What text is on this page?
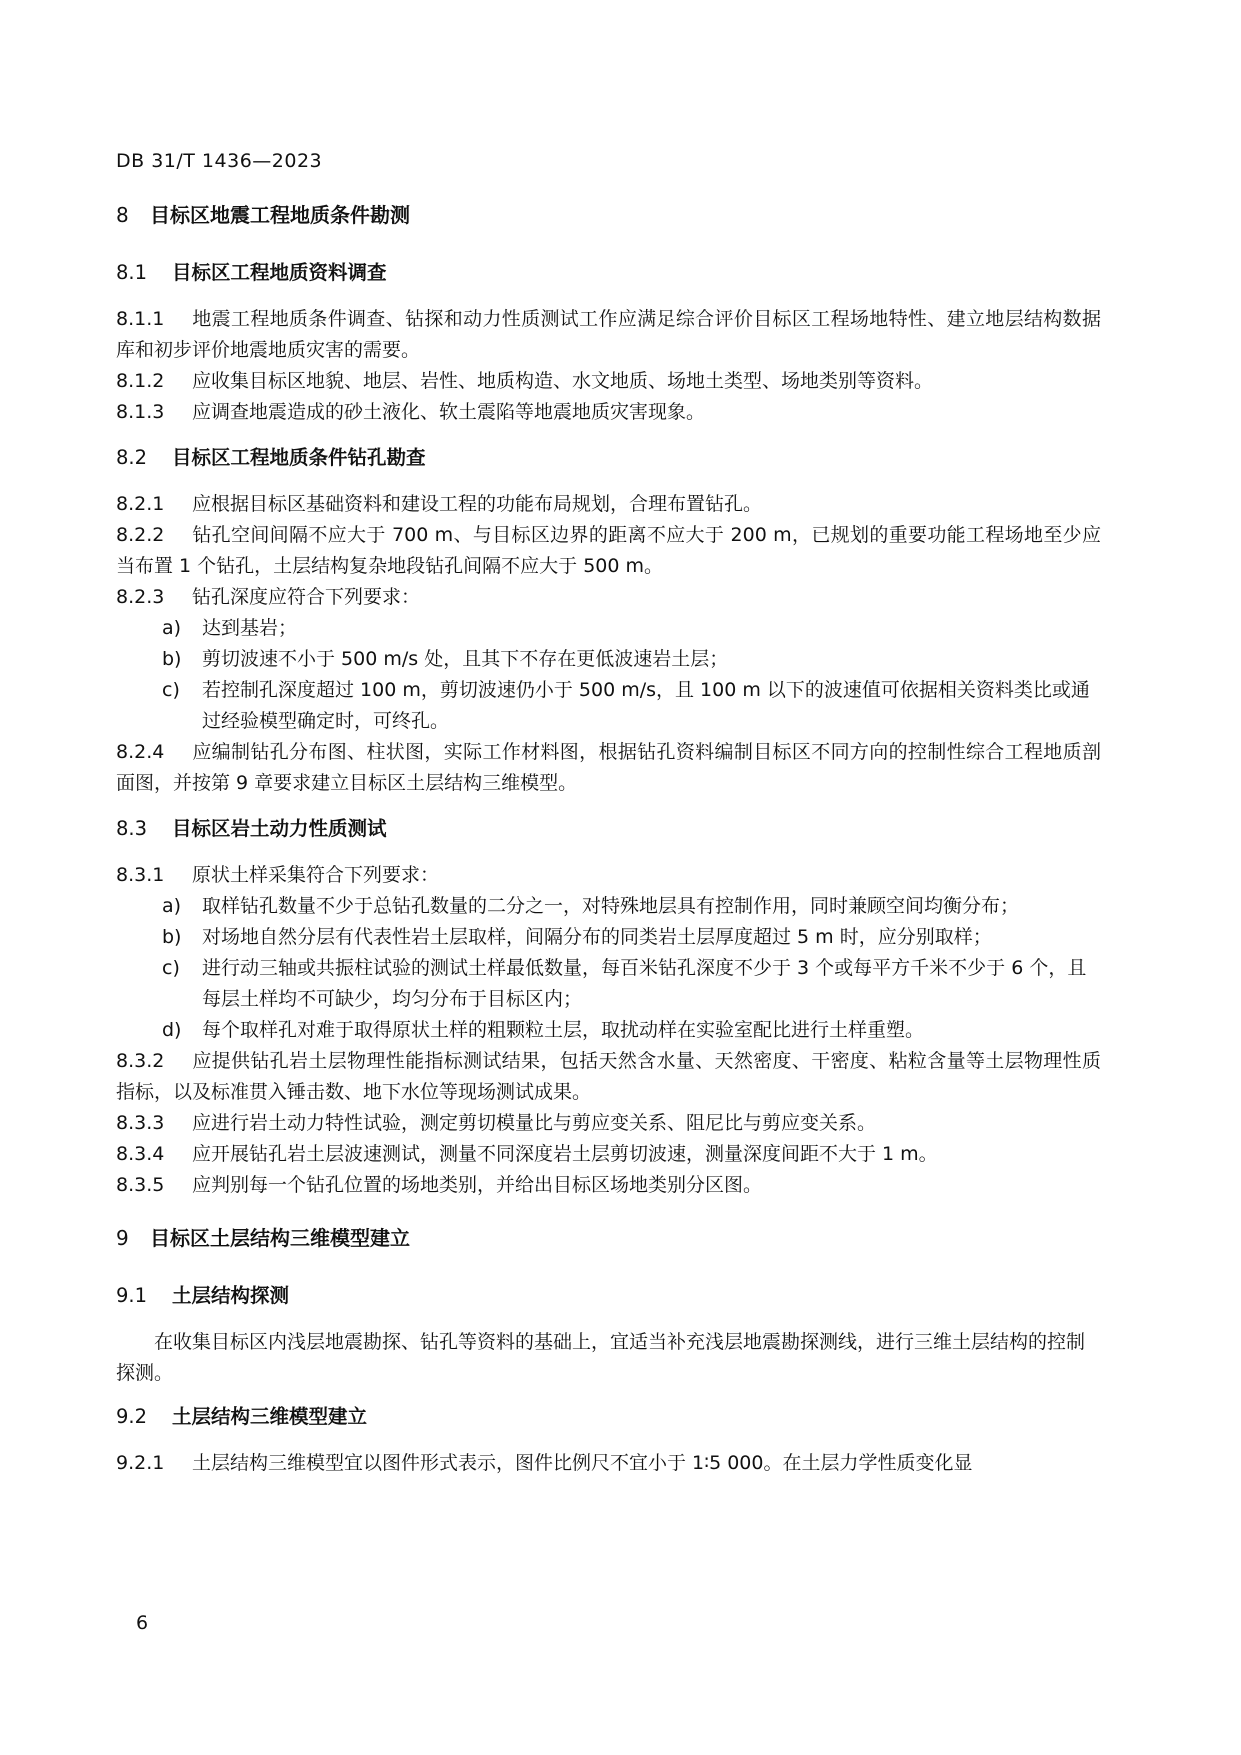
DB 31/T 1436—2023
8 目标区地震工程地质条件勘测
8.1 目标区工程地质资料调查

8.1.1 地震工程地质条件调查、钻探和动力性质测试工作应满足综合评价目标区工程场地特性、建立地层结构数据库和初步评价地震地质灾害的需要。

8.1.2 应收集目标区地貌、地层、岩性、地质构造、水文地质、场地土类型、场地类别等资料。

8.1.3 应调查地震造成的砂土液化、软土震陷等地震地质灾害现象。

8.2 目标区工程地质条件钻孔勘查

8.2.1 应根据目标区基础资料和建设工程的功能布局规划，合理布置钻孔。

8.2.2 钻孔空间间隔不应大于 700 m、与目标区边界的距离不应大于 200 m，已规划的重要功能工程场地至少应当布置 1 个钻孔，土层结构复杂地段钻孔间隔不应大于 500 m。

8.2.3 钻孔深度应符合下列要求：

a) 达到基岩；

b) 剪切波速不小于 500 m/s 处，且其下不存在更低波速岩土层；

c) 若控制孔深度超过 100 m，剪切波速仍小于 500 m/s，且 100 m 以下的波速值可依据相关资料类比或通过经验模型确定时，可终孔。

8.2.4 应编制钻孔分布图、柱状图，实际工作材料图，根据钻孔资料编制目标区不同方向的控制性综合工程地质剖面图，并按第 9 章要求建立目标区土层结构三维模型。

8.3 目标区岩土动力性质测试

8.3.1 原状土样采集符合下列要求：

a) 取样钻孔数量不少于总钻孔数量的二分之一，对特殊地层具有控制作用，同时兼顾空间均衡分布；

b) 对场地自然分层有代表性岩土层取样，间隔分布的同类岩土层厚度超过 5 m 时，应分别取样；

c) 进行动三轴或共振柱试验的测试土样最低数量，每百米钻孔深度不少于 3 个或每平方千米不少于 6 个，且每层土样均不可缺少，均匀分布于目标区内；

d) 每个取样孔对难于取得原状土样的粗颗粒土层，取扰动样在实验室配比进行土样重塑。

8.3.2 应提供钻孔岩土层物理性能指标测试结果，包括天然含水量、天然密度、干密度、粘粒含量等土层物理性质指标，以及标准贯入锤击数、地下水位等现场测试成果。

8.3.3 应进行岩土动力特性试验，测定剪切模量比与剪应变关系、阻尼比与剪应变关系。

8.3.4 应开展钻孔岩土层波速测试，测量不同深度岩土层剪切波速，测量深度间距不大于 1 m。

8.3.5 应判别每一个钻孔位置的场地类别，并给出目标区场地类别分区图。

9 目标区土层结构三维模型建立
9.1 土层结构探测

在收集目标区内浅层地震勘探、钻孔等资料的基础上，宜适当补充浅层地震勘探测线，进行三维土层结构的控制探测。

9.2 土层结构三维模型建立

9.2.1 土层结构三维模型宜以图件形式表示，图件比例尺不宜小于 1∶5 000。在土层力学性质变化显

6
